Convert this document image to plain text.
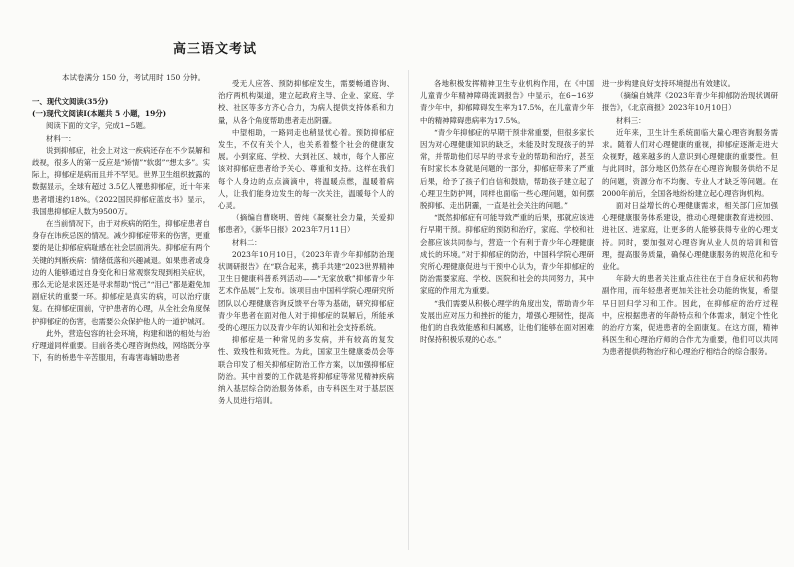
高三语文考试
本试卷满分 150 分，考试用时 150 分钟。

一、现代文阅读(35分)

(一)现代文阅读Ⅰ(本题共 5 小题，19分)

阅读下面的文字，完成1~5题。

材料一：

说到抑郁症，社会上对这一疾病还存在不少误解和歧视，很多人的第一反应是“矫情”“软弱”“想太多”。实际上，抑郁症是病而且并不罕见。世界卫生组织披露的数据显示，全球有超过 3.5亿人罹患抑郁症，近十年来患者增速约18%。《2022国民抑郁症蓝皮书》显示，我国患抑郁症人数为9500万。

在当前情况下，由于对疾病的陌生，抑郁症患者自身存在讳疾忌医的情况。减少抑郁症带来的伤害，更重要的是让抑郁症病耻感在社会层面消失。抑郁症有两个关键的判断疾病：情绪低落和兴趣减退。如果患者或身边的人能够通过自身变化和日常观察发现到相关症状，那么无论是求医还是寻求帮助“悦己”“泪己”都是避免加剧症状的重要一环。抑郁症是真实的病，可以治疗康复。在抑郁症面前，守护患者的心理，从全社会角度保护抑郁症的伤害，也需要公众保护他人的一道护城河。

此外，营造包容的社会环境，构建和谐的相处与治疗理道同样重要。目前各类心理咨询热线，网络既分享下，有的桥患牛辛苦服用，有毒害毒辅助患者

受无人应答、预防抑郁症发生，需要畅通咨询、治疗两机构渠道，建立起政府主导、企业、家庭、学校、社区等多方齐心合力，为病人提供支持体系和力量，从各个角度帮助患者走出阴霾。

中望相助，一路同走也稍显忧心着。预防抑郁症发生，不仅有关个人，也关系着整个社会的健康发展。小到家庭、学校、大到社区、城市，每个人都应该对抑郁症患者给予关心、尊重和支持。这样在我们每个人身边的点点滴滴中，将温暖点燃，温暖着病人，让我们能身边发生的每一次关注，温暖每个人的心灵。

（摘编自曹晓明、曾纯《凝聚社会力量，关爱抑郁患者》，《新华日报》2023年7月11日）

材料二：

2023年10月10日，《2023年青少年抑郁防治现状调研报告》在“联合起来，携手共建“2023世界精神卫生日健康科普系列活动——“无家放歌”抑郁青少年艺术作品展”上发布。该项目由中国科学院心理研究所团队以心理健康咨询反馈平台等为基础，研究抑郁症青少年患者在面对他人对于抑郁症的误解后，所能承受的心理压力以及青少年的认知和社会支持系统。

抑郁症是一种常见的多发病，并有较高的复发性、致残性和致死性。为此，国家卫生健康委员会等联合印发了相关抑郁症防治工作方案，以加强抑郁症防治。其中首要的工作就是将抑郁症等常见精神疾病纳入基层综合防治服务体系，由专科医生对于基层医务人员进行培训。

各地积极发挥精神卫生专业机构作用，在《中国儿童青少年精神障碍流调报告》中显示，在6~16岁青少年中，抑郁障碍发生率为17.5%，在儿童青少年中的精神障碍患病率为17.5%。

“青少年抑郁症的早期干预非常重要，但很多家长因为对心理健康知识的缺乏，未能及时发现孩子的异常，并帮助他们尽早的寻求专业的帮助和治疗，甚至有时家长本身就是问题的一部分，抑郁症带来了严重后果，给予了孩子们自信和鼓励，帮助孩子建立起了心理卫生防护网，同样也面临一些心理问题，如何摆脱抑郁、走出阴霾，一直是社会关注的问题。”

“既然抑郁症有可能导致严重的后果，那就应该进行早期干预。抑郁症的预防和治疗，家庭、学校和社会都应该共同参与，营造一个有利于青少年心理健康成长的环境。”对于抑郁症的防治，中国科学院心理研究所心理健康促进与干预中心认为，青少年抑郁症的防治需要家庭、学校、医院和社会的共同努力，其中家庭的作用尤为重要。

“我们需要从积极心理学的角度出发，帮助青少年发展出应对压力和挫折的能力，增强心理韧性，提高他们的自我效能感和归属感，让他们能够在面对困难时保持积极乐观的心态。”

进一步构建良好支持环境提出有效建议。

（摘编自姚萍《2023年青少年抑郁防治现状调研报告》，《北京商报》2023年10月10日）

材料三：

近年来，卫生计生系统面临大量心理咨询服务需求。随着人们对心理健康的重视，抑郁症逐渐走进大众视野，越来越多的人意识到心理健康的重要性。但与此同时，部分地区仍然存在心理咨询服务供给不足的问题，资源分布不均衡、专业人才缺乏等问题。在2000年前后，全国各地纷纷建立起心理咨询机构。

面对日益增长的心理健康需求，相关部门应加强心理健康服务体系建设，推动心理健康教育进校园、进社区、进家庭，让更多的人能够获得专业的心理支持。同时，要加强对心理咨询从业人员的培训和管理，提高服务质量，确保心理健康服务的规范化和专业化。

年龄大的患者关注重点往往在于自身症状和药物副作用，而年轻患者更加关注社会功能的恢复，希望早日回归学习和工作。因此，在抑郁症的治疗过程中，应根据患者的年龄特点和个体需求，制定个性化的治疗方案，促进患者的全面康复。在这方面，精神科医生和心理治疗师的合作尤为重要，他们可以共同为患者提供药物治疗和心理治疗相结合的综合服务。
